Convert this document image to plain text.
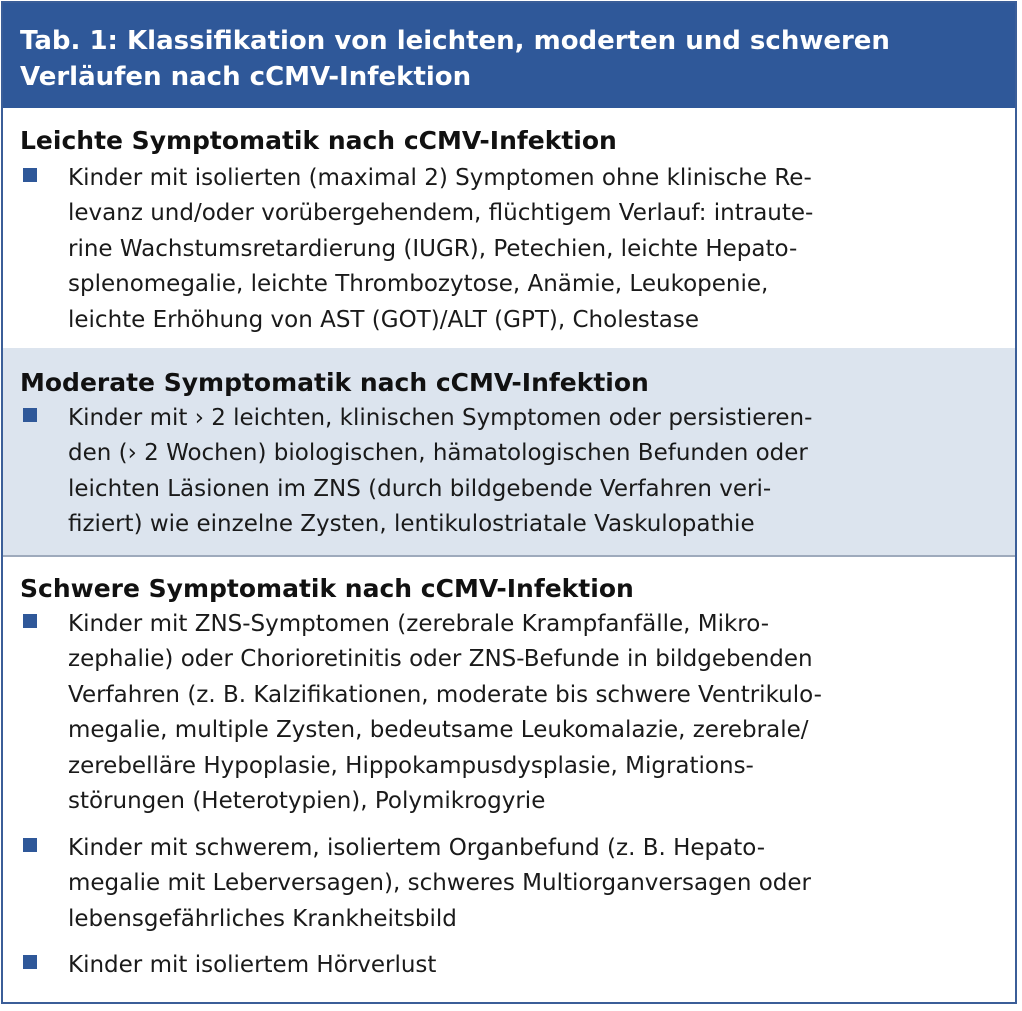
Tab. 1: Klassifikation von leichten, moderten und schweren
Verläufen nach cCMV-Infektion
Leichte Symptomatik nach cCMV-Infektion
Kinder mit isolierten (maximal 2) Symptomen ohne klinische Re-
levanz und/oder vorübergehendem, flüchtigem Verlauf: intraute-
rine Wachstumsretardierung (IUGR), Petechien, leichte Hepato-
splenomegalie, leichte Thrombozytose, Anämie, Leukopenie,
leichte Erhöhung von AST (GOT)/ALT (GPT), Cholestase
Moderate Symptomatik nach cCMV-Infektion
Kinder mit › 2 leichten, klinischen Symptomen oder persistieren-
den (› 2 Wochen) biologischen, hämatologischen Befunden oder
leichten Läsionen im ZNS (durch bildgebende Verfahren veri-
fiziert) wie einzelne Zysten, lentikulostriatale Vaskulopathie
Schwere Symptomatik nach cCMV-Infektion
Kinder mit ZNS-Symptomen (zerebrale Krampfanfälle, Mikro-
zephalie) oder Chorioretinitis oder ZNS-Befunde in bildgebenden
Verfahren (z. B. Kalzifikationen, moderate bis schwere Ventrikulo-
megalie, multiple Zysten, bedeutsame Leukomalazie, zerebrale/
zerebelläre Hypoplasie, Hippokampusdysplasie, Migrations-
störungen (Heterotypien), Polymikrogyrie
Kinder mit schwerem, isoliertem Organbefund (z. B. Hepato-
megalie mit Leberversagen), schweres Multiorganversagen oder
lebensgefährliches Krankheitsbild
Kinder mit isoliertem Hörverlust
